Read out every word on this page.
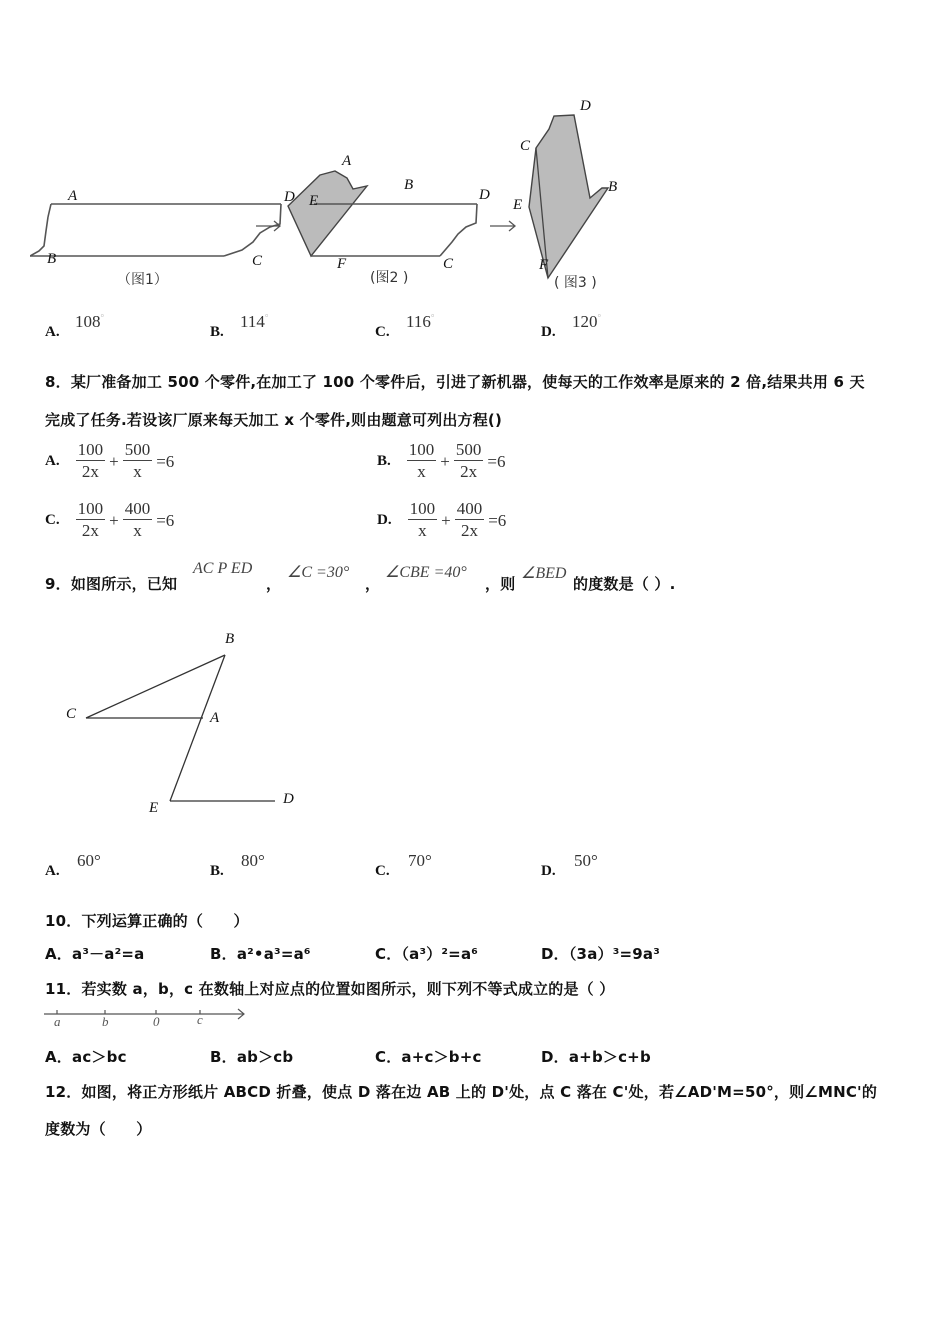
A
B	C
D
（图1）
A
B
E
F	C
D
(图2 )
D
C
E
B
F
( 图3 )
A.
108°
B.
114°
C.
116°
D.
120°
8．某厂准备加工 500 个零件,在加工了 100 个零件后，引进了新机器，使每天的工作效率是原来的 2 倍,结果共用 6 天
完成了任务.若设该厂原来每天加工 x 个零件,则由题意可列出方程()
A. $\frac{100}{2x} + \frac{500}{x} =6$	B. $\frac{100}{x} + \frac{500}{2x} =6$
C. $\frac{100}{2x} + \frac{400}{x} =6$	D. $\frac{100}{x} + \frac{400}{2x} =6$
9．如图所示，已知
AC P ED
，
∠C =30°
，
∠CBE =40°
，则
∠BED
的度数是（ ）.
B
C	A
E
D
A.
60°
B.
80°
C.
70°
D.
50°
10．下列运算正确的（　　）
A．a³－a²=a	B．a²•a³=a⁶	C．（a³）²=a⁶	D．（3a）³=9a³
11．若实数 a，b，c 在数轴上对应点的位置如图所示，则下列不等式成立的是（ ）
a	b	0	c
A．ac＞bc	B．ab＞cb	C．a+c＞b+c	D．a+b＞c+b
12．如图，将正方形纸片 ABCD 折叠，使点 D 落在边 AB 上的 D'处，点 C 落在 C'处，若∠AD'M=50°，则∠MNC'的
度数为（　　）
